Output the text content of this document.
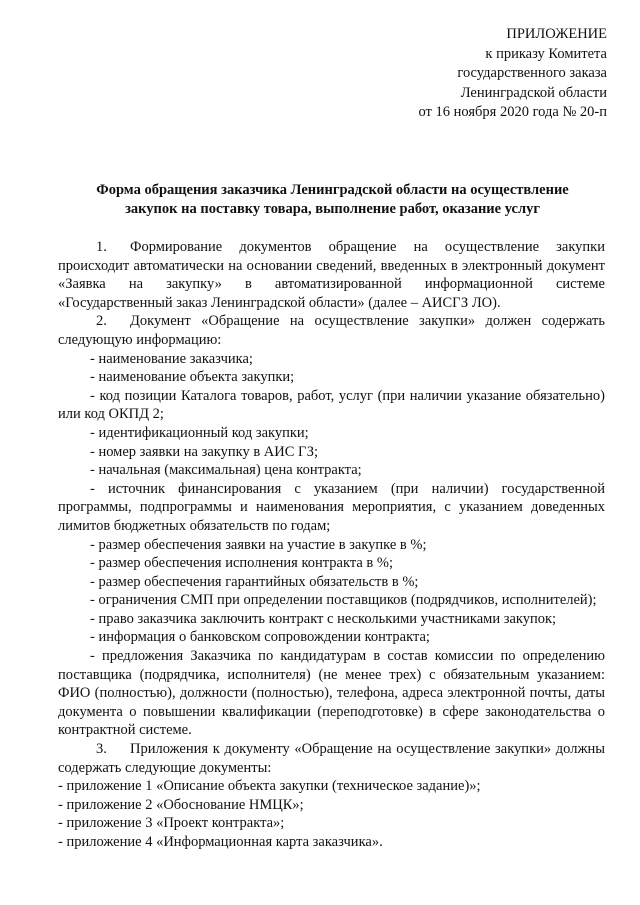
ПРИЛОЖЕНИЕ
к приказу Комитета
государственного заказа
Ленинградской области
от 16 ноября 2020 года № 20-п
Форма обращения заказчика Ленинградской области на осуществление
закупок на поставку товара, выполнение работ, оказание услуг

1. Формирование документов обращение на осуществление закупки происходит автоматически на основании сведений, введенных в электронный документ «Заявка на закупку» в автоматизированной информационной системе «Государственный заказ Ленинградской области» (далее – АИСГЗ ЛО).

2. Документ «Обращение на осуществление закупки» должен содержать следующую информацию:

- наименование заказчика;

- наименование объекта закупки;

- код позиции Каталога товаров, работ, услуг (при наличии указание обязательно) или код ОКПД 2;

- идентификационный код закупки;

- номер заявки на закупку в АИС ГЗ;

- начальная (максимальная) цена контракта;

- источник финансирования с указанием (при наличии) государственной программы, подпрограммы и наименования мероприятия, с указанием доведенных лимитов бюджетных обязательств по годам;

- размер обеспечения заявки на участие в закупке в %;

- размер обеспечения исполнения контракта в %;

- размер обеспечения гарантийных обязательств в %;

- ограничения СМП при определении поставщиков (подрядчиков, исполнителей);

- право заказчика заключить контракт с несколькими участниками закупок;

- информация о банковском сопровождении контракта;

- предложения Заказчика по кандидатурам в состав комиссии по определению поставщика (подрядчика, исполнителя) (не менее трех) с обязательным указанием: ФИО (полностью), должности (полностью), телефона, адреса электронной почты, даты документа о повышении квалификации (переподготовке) в сфере законодательства о контрактной системе.

3. Приложения к документу «Обращение на осуществление закупки» должны содержать следующие документы:

- приложение 1 «Описание объекта закупки (техническое задание)»;

- приложение 2 «Обоснование НМЦК»;

- приложение 3 «Проект контракта»;

- приложение 4 «Информационная карта заказчика».
